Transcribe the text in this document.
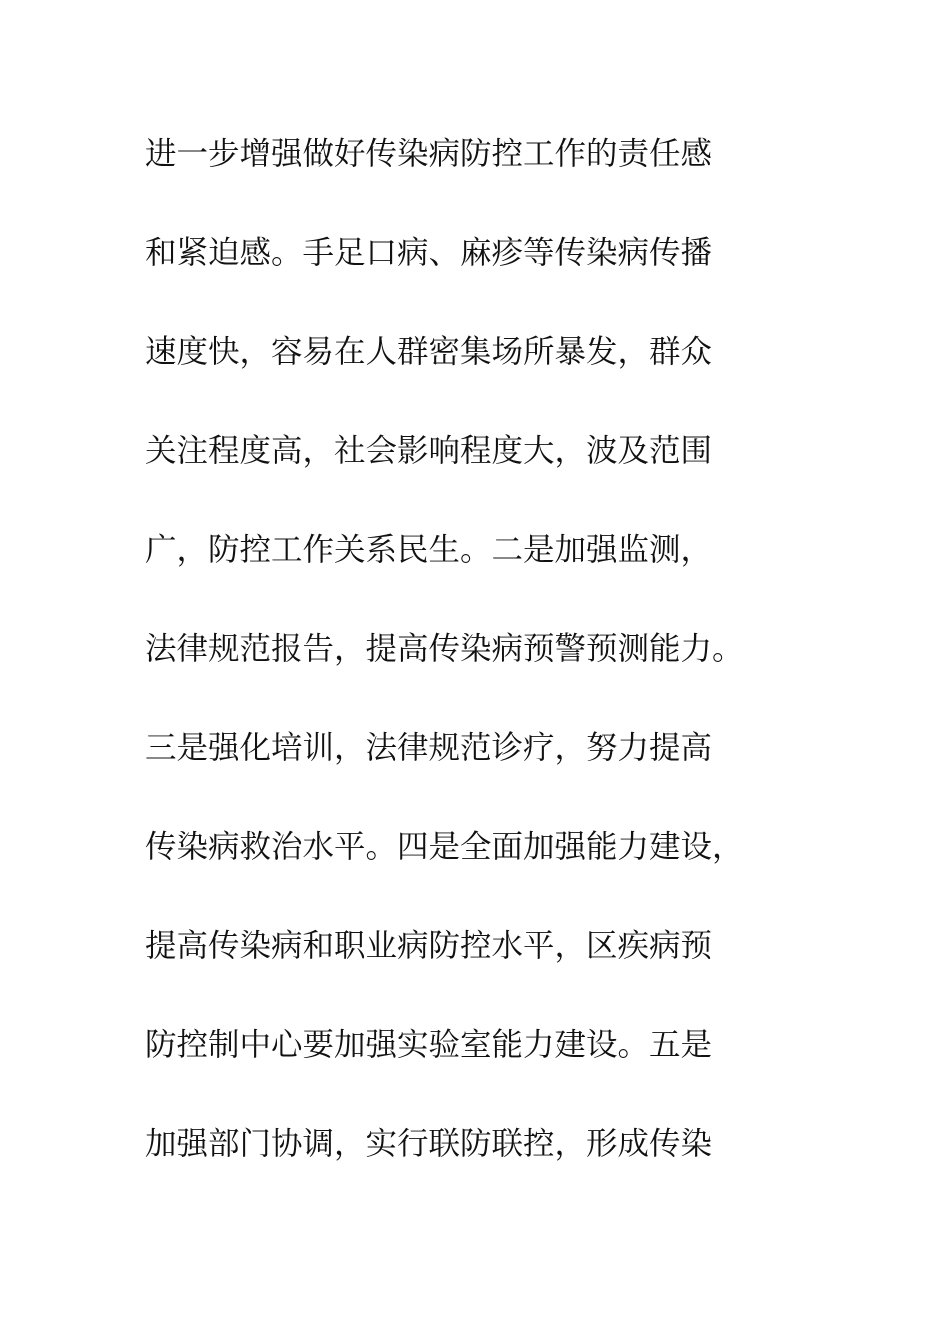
进一步增强做好传染病防控工作的责任感
和紧迫感。手足口病、麻疹等传染病传播
速度快，容易在人群密集场所暴发，群众
关注程度高，社会影响程度大，波及范围
广，防控工作关系民生。二是加强监测，
法律规范报告，提高传染病预警预测能力。
三是强化培训，法律规范诊疗，努力提高
传染病救治水平。四是全面加强能力建设，
提高传染病和职业病防控水平，区疾病预
防控制中心要加强实验室能力建设。五是
加强部门协调，实行联防联控，形成传染
